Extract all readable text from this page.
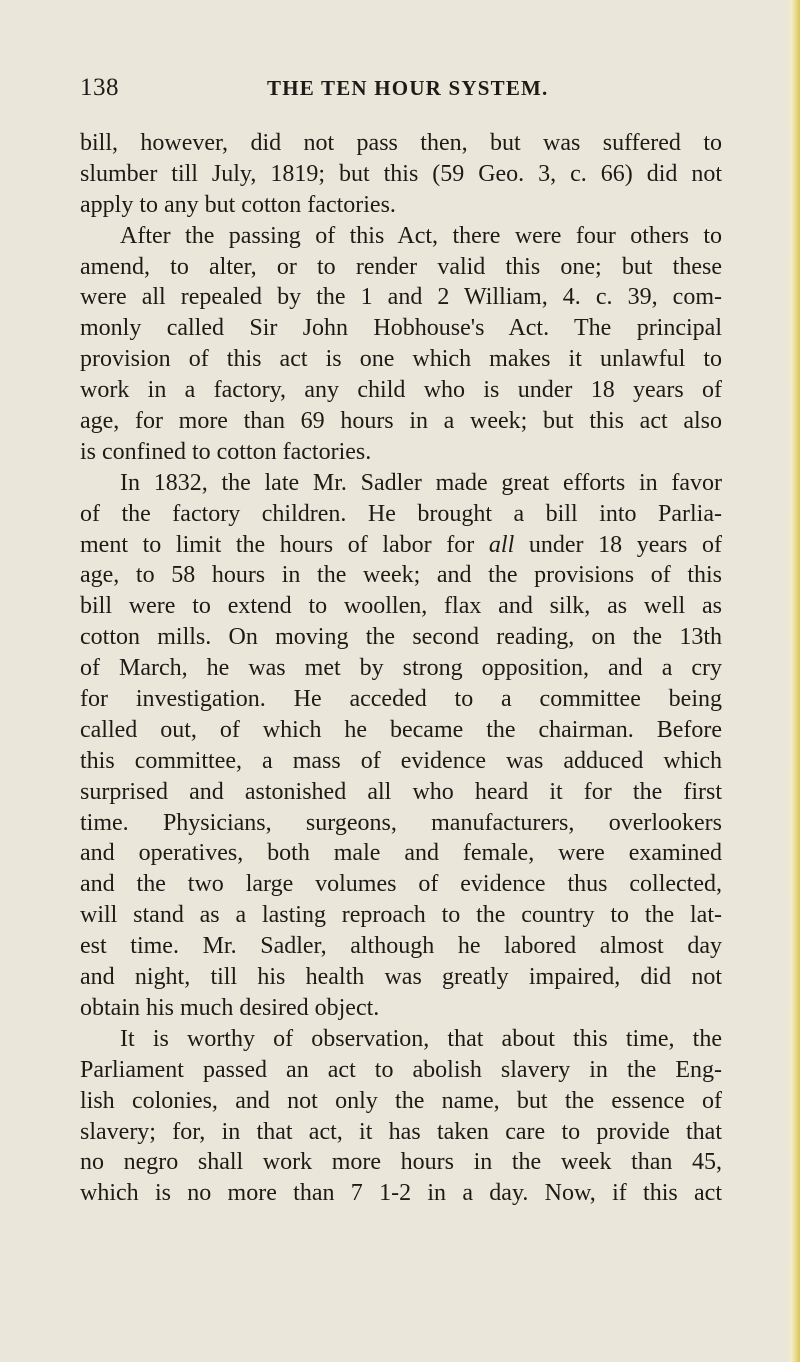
138	THE TEN HOUR SYSTEM.
bill, however, did not pass then, but was suffered to
slumber till July, 1819; but this (59 Geo. 3, c. 66) did not
apply to any but cotton factories.
After the passing of this Act, there were four others to
amend, to alter, or to render valid this one; but these
were all repealed by the 1 and 2 William, 4. c. 39, com-
monly called Sir John Hobhouse's Act. The principal
provision of this act is one which makes it unlawful to
work in a factory, any child who is under 18 years of
age, for more than 69 hours in a week; but this act also
is confined to cotton factories.
In 1832, the late Mr. Sadler made great efforts in favor
of the factory children. He brought a bill into Parlia-
ment to limit the hours of labor for all under 18 years of
age, to 58 hours in the week; and the provisions of this
bill were to extend to woollen, flax and silk, as well as
cotton mills. On moving the second reading, on the 13th
of March, he was met by strong opposition, and a cry
for investigation. He acceded to a committee being
called out, of which he became the chairman. Before
this committee, a mass of evidence was adduced which
surprised and astonished all who heard it for the first
time. Physicians, surgeons, manufacturers, overlookers
and operatives, both male and female, were examined
and the two large volumes of evidence thus collected,
will stand as a lasting reproach to the country to the lat-
est time. Mr. Sadler, although he labored almost day
and night, till his health was greatly impaired, did not
obtain his much desired object.
It is worthy of observation, that about this time, the
Parliament passed an act to abolish slavery in the Eng-
lish colonies, and not only the name, but the essence of
slavery; for, in that act, it has taken care to provide that
no negro shall work more hours in the week than 45,
which is no more than 7 1-2 in a day. Now, if this act
